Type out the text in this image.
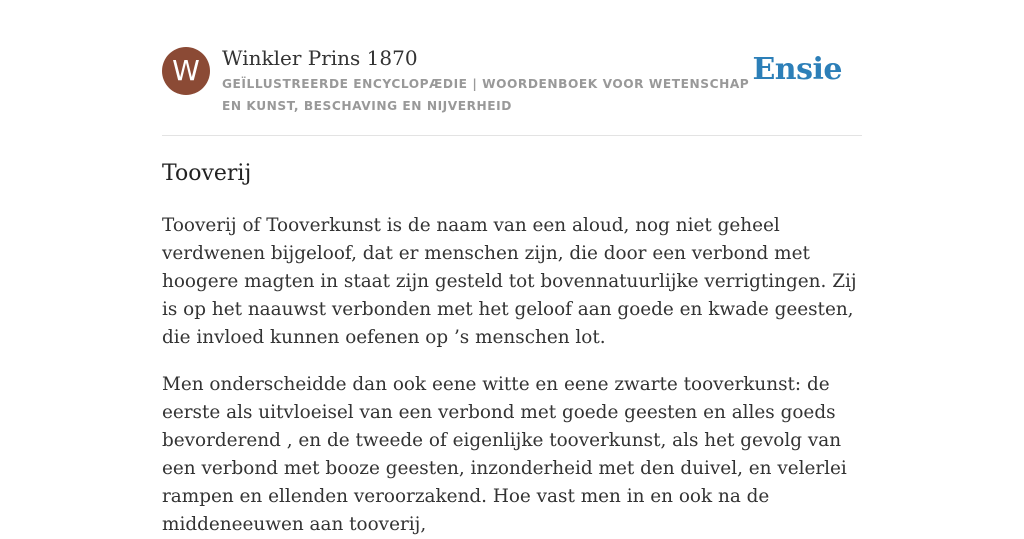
W	Winkler Prins 1870
GEÏLLUSTREERDE ENCYCLOPÆDIE | WOORDENBOEK VOOR WETENSCHAP EN KUNST, BESCHAVING EN NIJVERHEID
Ensie
Tooverij

Tooverij of Tooverkunst is de naam van een aloud, nog niet geheel verdwenen bijgeloof, dat er menschen zijn, die door een verbond met hoogere magten in staat zijn gesteld tot bovennatuurlijke verrigtingen. Zij is op het naauwst verbonden met het geloof aan goede en kwade geesten, die invloed kunnen oefenen op ’s menschen lot.

Men onderscheidde dan ook eene witte en eene zwarte tooverkunst: de eerste als uitvloeisel van een verbond met goede geesten en alles goeds bevorderend , en de tweede of eigenlijke tooverkunst, als het gevolg van een verbond met booze geesten, inzonderheid met den duivel, en velerlei rampen en ellenden veroorzakend. Hoe vast men in en ook na de middeneeuwen aan tooverij,
